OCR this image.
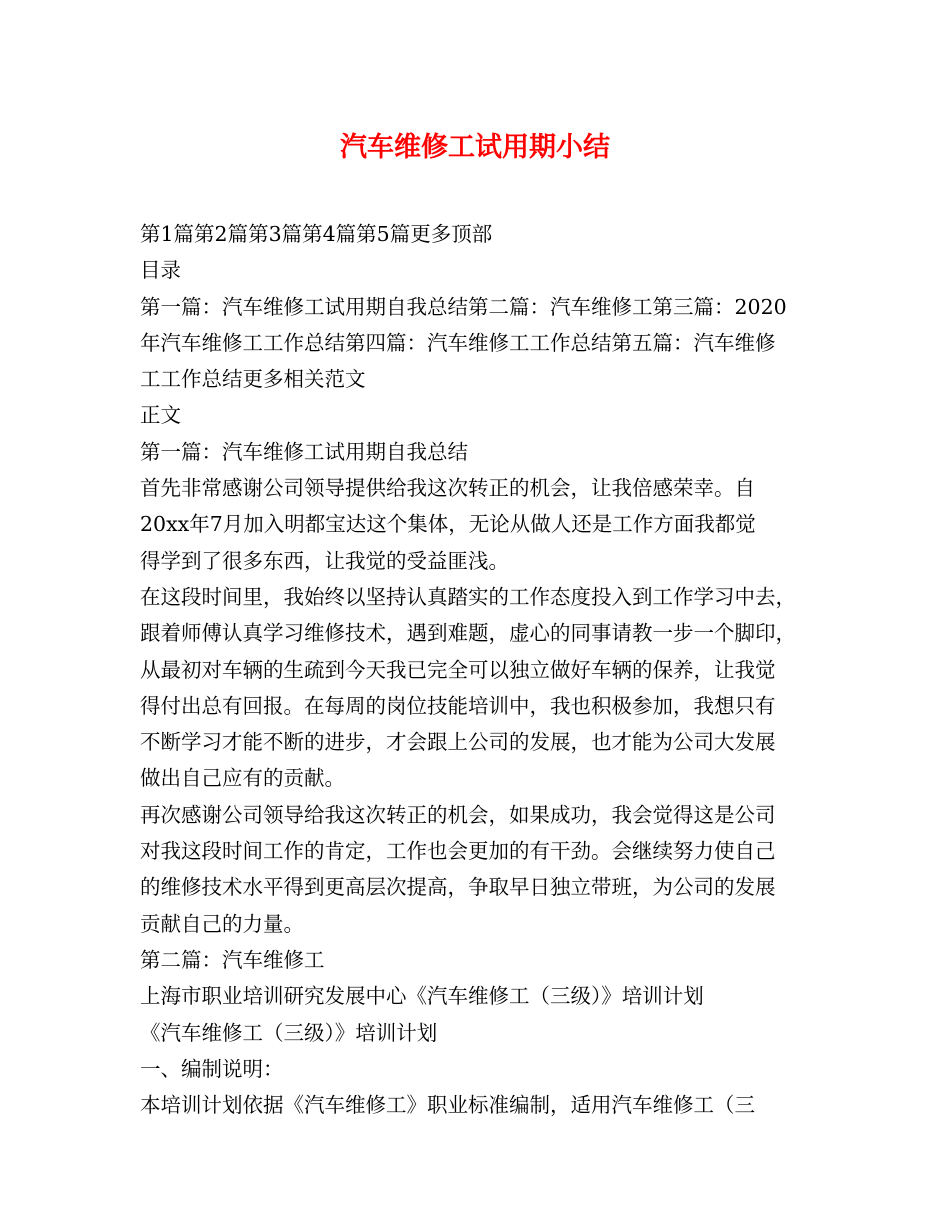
汽车维修工试用期小结
第1篇第2篇第3篇第4篇第5篇更多顶部
目录
第一篇：汽车维修工试用期自我总结第二篇：汽车维修工第三篇：2020
年汽车维修工工作总结第四篇：汽车维修工工作总结第五篇：汽车维修
工工作总结更多相关范文
正文
第一篇：汽车维修工试用期自我总结
首先非常感谢公司领导提供给我这次转正的机会，让我倍感荣幸。自
20xx年7月加入明都宝达这个集体，无论从做人还是工作方面我都觉
得学到了很多东西，让我觉的受益匪浅。
在这段时间里，我始终以坚持认真踏实的工作态度投入到工作学习中去，
跟着师傅认真学习维修技术，遇到难题，虚心的同事请教一步一个脚印，
从最初对车辆的生疏到今天我已完全可以独立做好车辆的保养，让我觉
得付出总有回报。在每周的岗位技能培训中，我也积极参加，我想只有
不断学习才能不断的进步，才会跟上公司的发展，也才能为公司大发展
做出自己应有的贡献。
再次感谢公司领导给我这次转正的机会，如果成功，我会觉得这是公司
对我这段时间工作的肯定，工作也会更加的有干劲。会继续努力使自己
的维修技术水平得到更高层次提高，争取早日独立带班，为公司的发展
贡献自己的力量。
第二篇：汽车维修工
上海市职业培训研究发展中心《汽车维修工（三级）》培训计划
《汽车维修工（三级）》培训计划
一、编制说明：
本培训计划依据《汽车维修工》职业标准编制，适用汽车维修工（三
